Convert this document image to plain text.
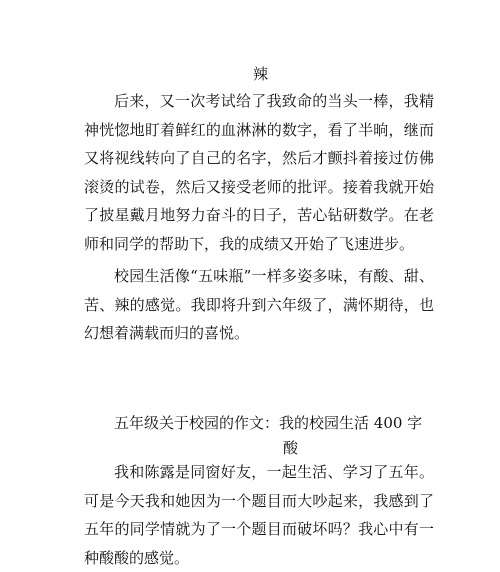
辣

后来，又一次考试给了我致命的当头一棒，我精神恍惚地盯着鲜红的血淋淋的数字，看了半晌，继而又将视线转向了自己的名字，然后才颤抖着接过仿佛滚烫的试卷，然后又接受老师的批评。接着我就开始了披星戴月地努力奋斗的日子，苦心钻研数学。在老师和同学的帮助下，我的成绩又开始了飞速进步。

校园生活像“五味瓶”一样多姿多味，有酸、甜、苦、辣的感觉。我即将升到六年级了，满怀期待，也幻想着满载而归的喜悦。

五年级关于校园的作文：我的校园生活 400 字
酸

我和陈露是同窗好友，一起生活、学习了五年。可是今天我和她因为一个题目而大吵起来，我感到了五年的同学情就为了一个题目而破坏吗？我心中有一种酸酸的感觉。
